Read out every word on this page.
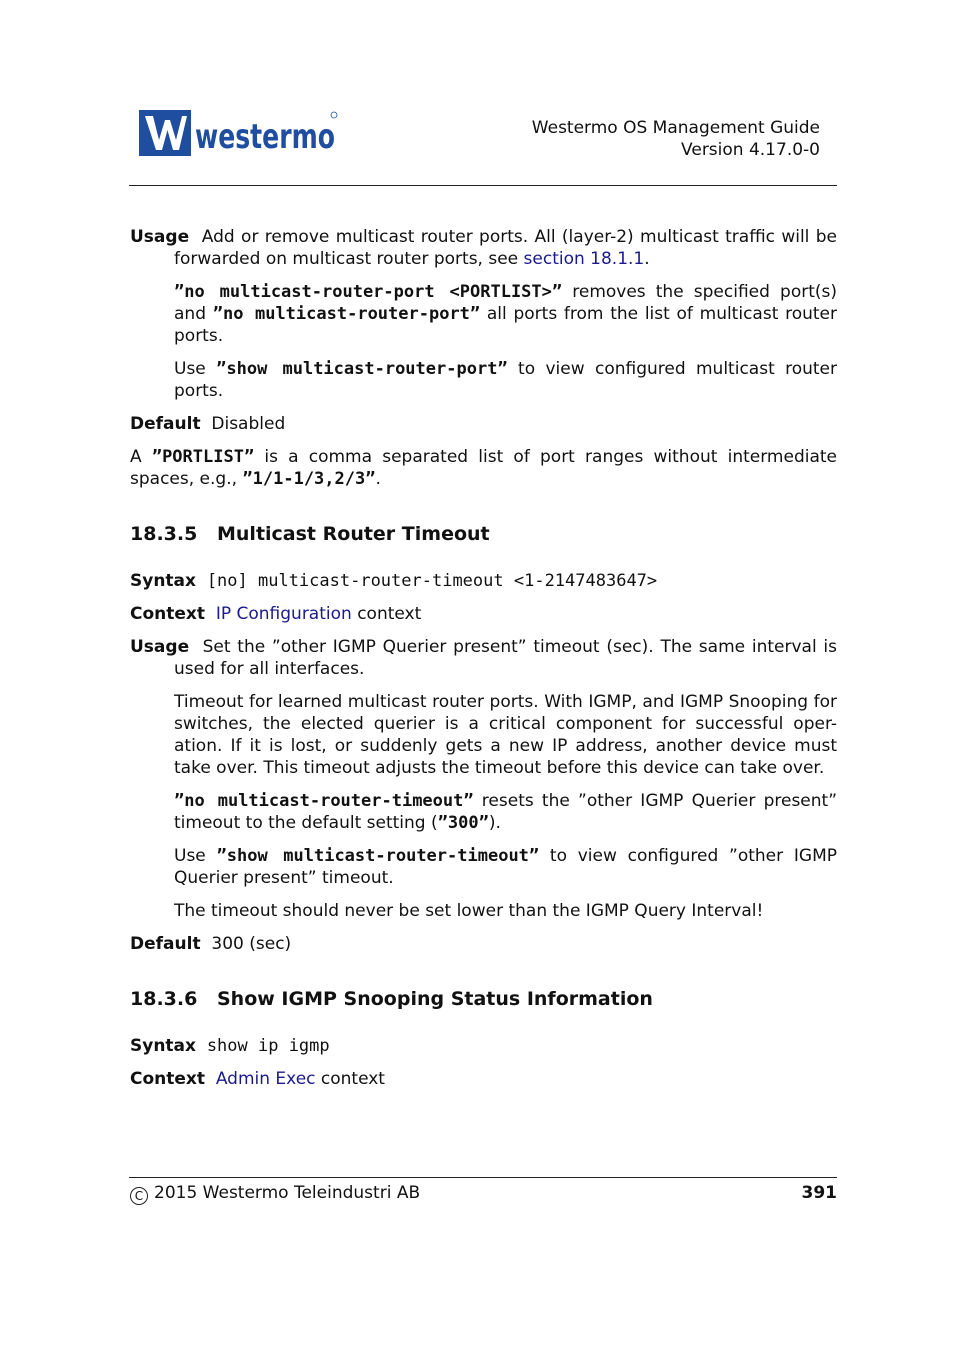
westermo	Westermo OS Management Guide
Version 4.17.0-0

Usage Add or remove multicast router ports. All (layer-2) multicast traffic will be forwarded on multicast router ports, see section 18.1.1.

”no multicast-router-port <PORTLIST>” removes the specified port(s) and ”no multicast-router-port” all ports from the list of multicast router ports.

Use ”show multicast-router-port” to view configured multicast router ports.

Default Disabled

A ”PORTLIST” is a comma separated list of port ranges without intermediate spaces, e.g., ”1/1-1/3,2/3”.

18.3.5 Multicast Router Timeout

Syntax [no] multicast-router-timeout <1-2147483647>

Context IP Configuration context

Usage Set the ”other IGMP Querier present” timeout (sec). The same interval is used for all interfaces.

Timeout for learned multicast router ports. With IGMP, and IGMP Snooping for switches, the elected querier is a critical component for successful oper-ation. If it is lost, or suddenly gets a new IP address, another device must take over. This timeout adjusts the timeout before this device can take over.

”no multicast-router-timeout” resets the ”other IGMP Querier present” timeout to the default setting (”300”).

Use ”show multicast-router-timeout” to view configured ”other IGMP Querier present” timeout.

The timeout should never be set lower than the IGMP Query Interval!

Default 300 (sec)

18.3.6 Show IGMP Snooping Status Information

Syntax show ip igmp

Context Admin Exec context

C 2015 Westermo Teleindustri AB	391
